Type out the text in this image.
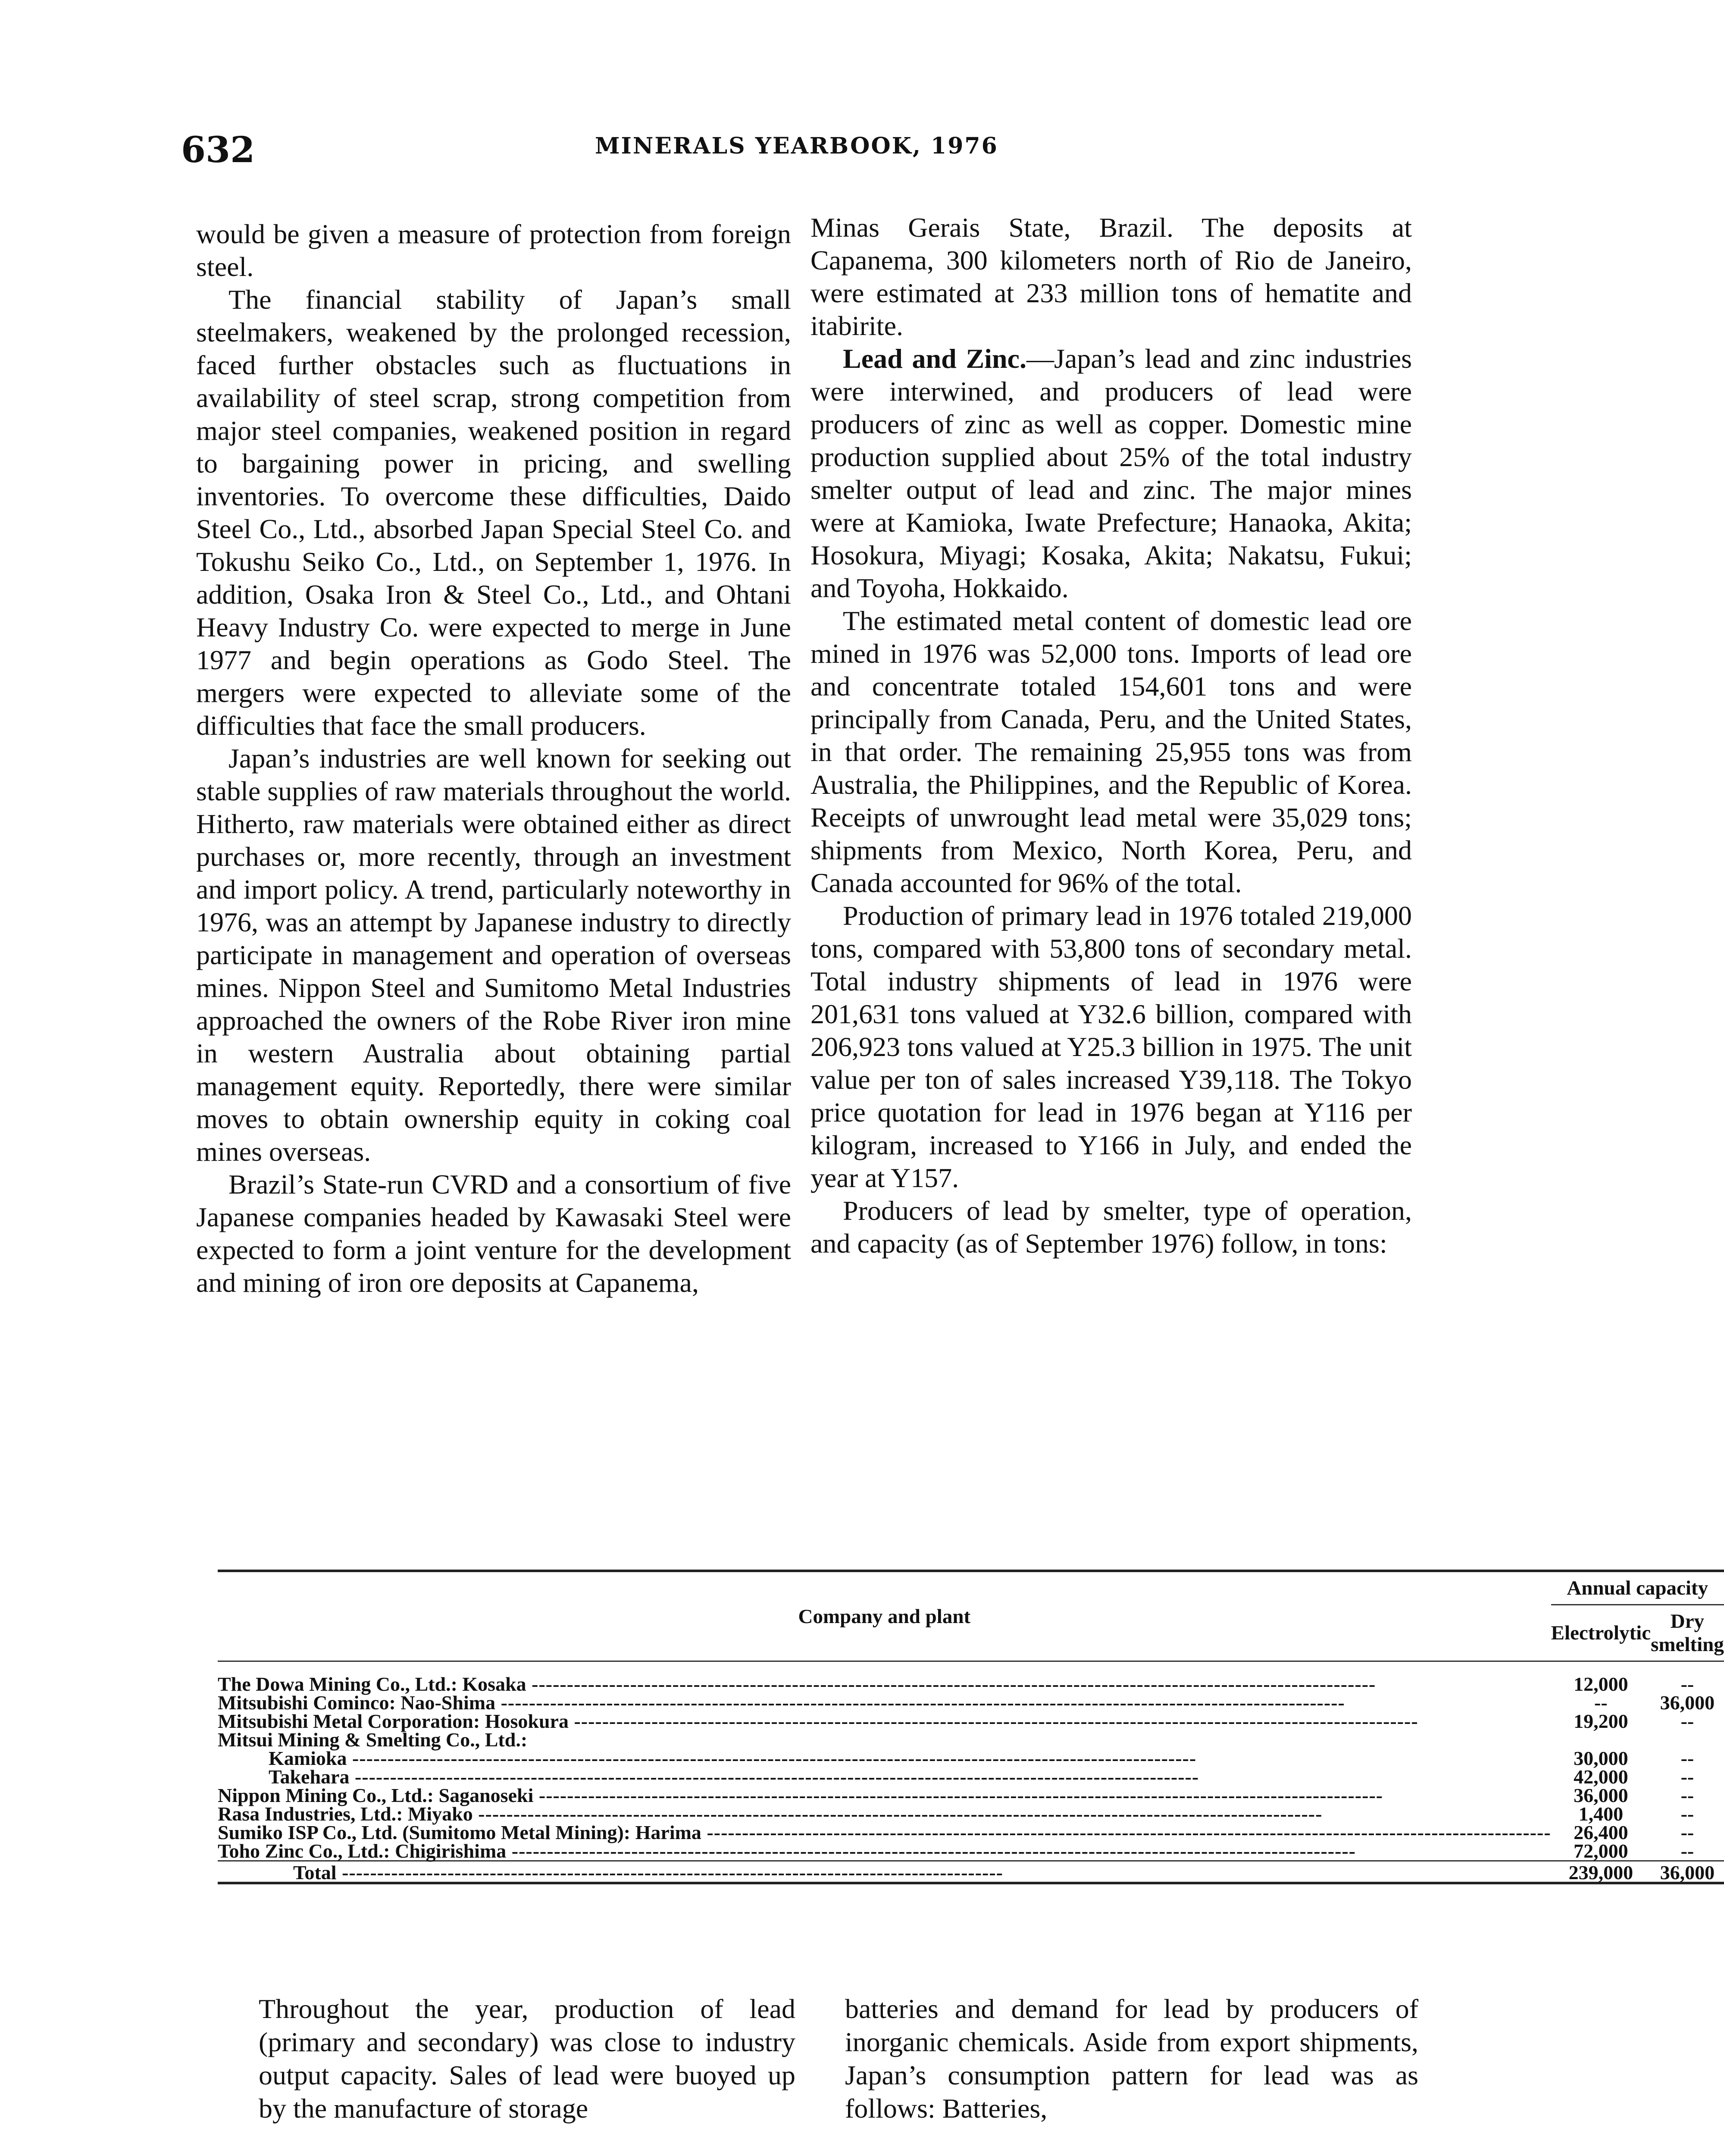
632	MINERALS YEARBOOK, 1976

would be given a measure of protection from foreign steel.

The financial stability of Japan’s small steelmakers, weakened by the prolonged recession, faced further obstacles such as fluctuations in availability of steel scrap, strong competition from major steel companies, weakened position in regard to bargaining power in pricing, and swelling inventories. To overcome these difficulties, Daido Steel Co., Ltd., absorbed Japan Special Steel Co. and Tokushu Seiko Co., Ltd., on September 1, 1976. In addition, Osaka Iron & Steel Co., Ltd., and Ohtani Heavy Industry Co. were expected to merge in June 1977 and begin operations as Godo Steel. The mergers were expected to alleviate some of the difficulties that face the small producers.

Japan’s industries are well known for seeking out stable supplies of raw materials throughout the world. Hitherto, raw materials were obtained either as direct purchases or, more recently, through an investment and import policy. A trend, particularly noteworthy in 1976, was an attempt by Japanese industry to directly participate in management and operation of overseas mines. Nippon Steel and Sumitomo Metal Industries approached the owners of the Robe River iron mine in western Australia about obtaining partial management equity. Reportedly, there were similar moves to obtain ownership equity in coking coal mines overseas.

Brazil’s State-run CVRD and a consortium of five Japanese companies headed by Kawasaki Steel were expected to form a joint venture for the development and mining of iron ore deposits at Capanema,

Minas Gerais State, Brazil. The deposits at Capanema, 300 kilometers north of Rio de Janeiro, were estimated at 233 million tons of hematite and itabirite.

Lead and Zinc.—Japan’s lead and zinc industries were interwined, and producers of lead were producers of zinc as well as copper. Domestic mine production supplied about 25% of the total industry smelter output of lead and zinc. The major mines were at Kamioka, Iwate Prefecture; Hanaoka, Akita; Hosokura, Miyagi; Kosaka, Akita; Nakatsu, Fukui; and Toyoha, Hokkaido.

The estimated metal content of domestic lead ore mined in 1976 was 52,000 tons. Imports of lead ore and concentrate totaled 154,601 tons and were principally from Canada, Peru, and the United States, in that order. The remaining 25,955 tons was from Australia, the Philippines, and the Republic of Korea. Receipts of unwrought lead metal were 35,029 tons; shipments from Mexico, North Korea, Peru, and Canada accounted for 96% of the total.

Production of primary lead in 1976 totaled 219,000 tons, compared with 53,800 tons of secondary metal. Total industry shipments of lead in 1976 were 201,631 tons valued at Y32.6 billion, compared with 206,923 tons valued at Y25.3 billion in 1975. The unit value per ton of sales increased Y39,118. The Tokyo price quotation for lead in 1976 began at Y116 per kilogram, increased to Y166 in July, and ended the year at Y157.

Producers of lead by smelter, type of operation, and capacity (as of September 1976) follow, in tons:

Company and plant	Annual capacity	
	Electrolytic	Dry smelting
The Dowa Mining Co., Ltd.: Kosaka ------------------------------------------------------------------------------------------------------------------------	12,000	--
Mitsubishi Cominco: Nao-Shima ------------------------------------------------------------------------------------------------------------------------	--	36,000
Mitsubishi Metal Corporation: Hosokura ------------------------------------------------------------------------------------------------------------------------	19,200	--
Mitsui Mining & Smelting Co., Ltd.:		
Kamioka ------------------------------------------------------------------------------------------------------------------------	30,000	--
Takehara ------------------------------------------------------------------------------------------------------------------------	42,000	--
Nippon Mining Co., Ltd.: Saganoseki ------------------------------------------------------------------------------------------------------------------------	36,000	--
Rasa Industries, Ltd.: Miyako ------------------------------------------------------------------------------------------------------------------------	1,400	--
Sumiko ISP Co., Ltd. (Sumitomo Metal Mining): Harima ------------------------------------------------------------------------------------------------------------------------	26,400	--
Toho Zinc Co., Ltd.: Chigirishima ------------------------------------------------------------------------------------------------------------------------	72,000	--
Total ----------------------------------------------------------------------------------------------	239,000	36,000

Throughout the year, production of lead (primary and secondary) was close to industry output capacity. Sales of lead were buoyed up by the manufacture of storage

batteries and demand for lead by producers of inorganic chemicals. Aside from export shipments, Japan’s consumption pattern for lead was as follows: Batteries,
